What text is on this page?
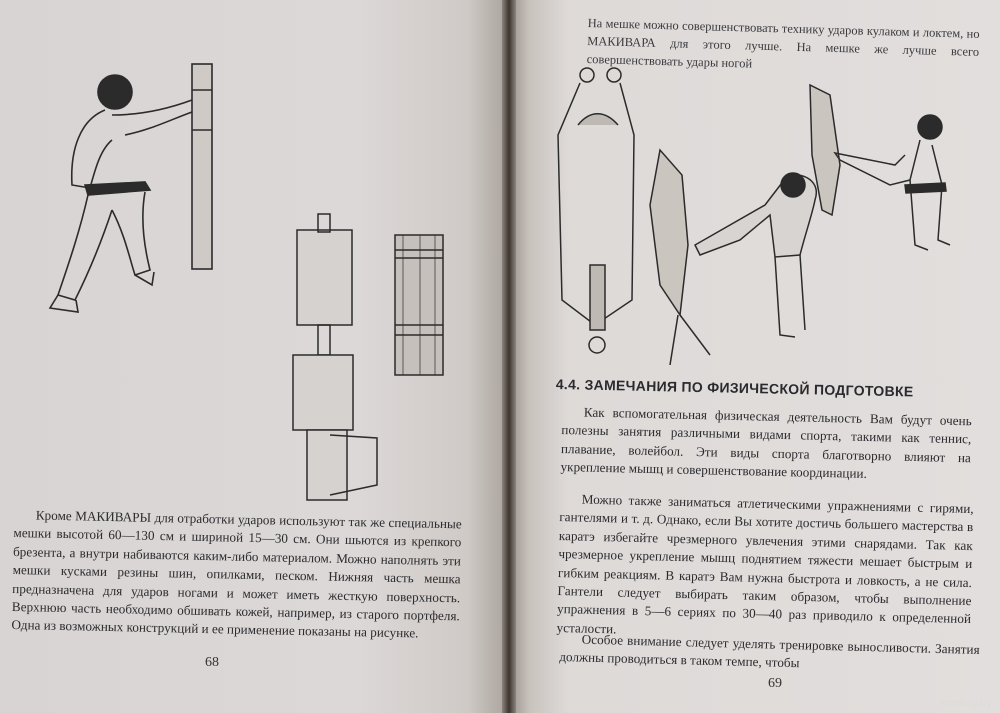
На мешке можно совершенствовать технику ударов кулаком и локтем, но МАКИВАРА для этого лучше. На мешке же лучше всего совершенствовать удары ногой

Кроме МАКИВАРЫ для отработки ударов используют так же специальные мешки высотой 60—130 см и шириной 15—30 см. Они шьются из крепкого брезента, а внутри набиваются каким-либо материалом. Можно наполнять эти мешки кусками резины шин, опилками, песком. Нижняя часть мешка предназначена для ударов ногами и может иметь жесткую поверхность. Верхнюю часть необходимо обшивать кожей, например, из старого портфеля. Одна из возможных конструкций и ее применение показаны на рисунке.

68
4.4. ЗАМЕЧАНИЯ ПО ФИЗИЧЕСКОЙ ПОДГОТОВКЕ

Как вспомогательная физическая деятельность Вам будут очень полезны занятия различными видами спорта, такими как теннис, плавание, волейбол. Эти виды спорта благотворно влияют на укрепление мышц и совершенствование координации.

Можно также заниматься атлетическими упражнениями с гирями, гантелями и т. д. Однако, если Вы хотите достичь большего мастерства в каратэ избегайте чрезмерного увлечения этими снарядами. Так как чрезмерное укрепление мышц поднятием тяжести мешает быстрым и гибким реакциям. В каратэ Вам нужна быстрота и ловкость, а не сила. Гантели следует выбирать таким образом, чтобы выполнение упражнения в 5—6 сериях по 30—40 раз приводило к определенной усталости.

Особое внимание следует уделять тренировке выносливости. Занятия должны проводиться в таком темпе, чтобы

69
www.ay.by
